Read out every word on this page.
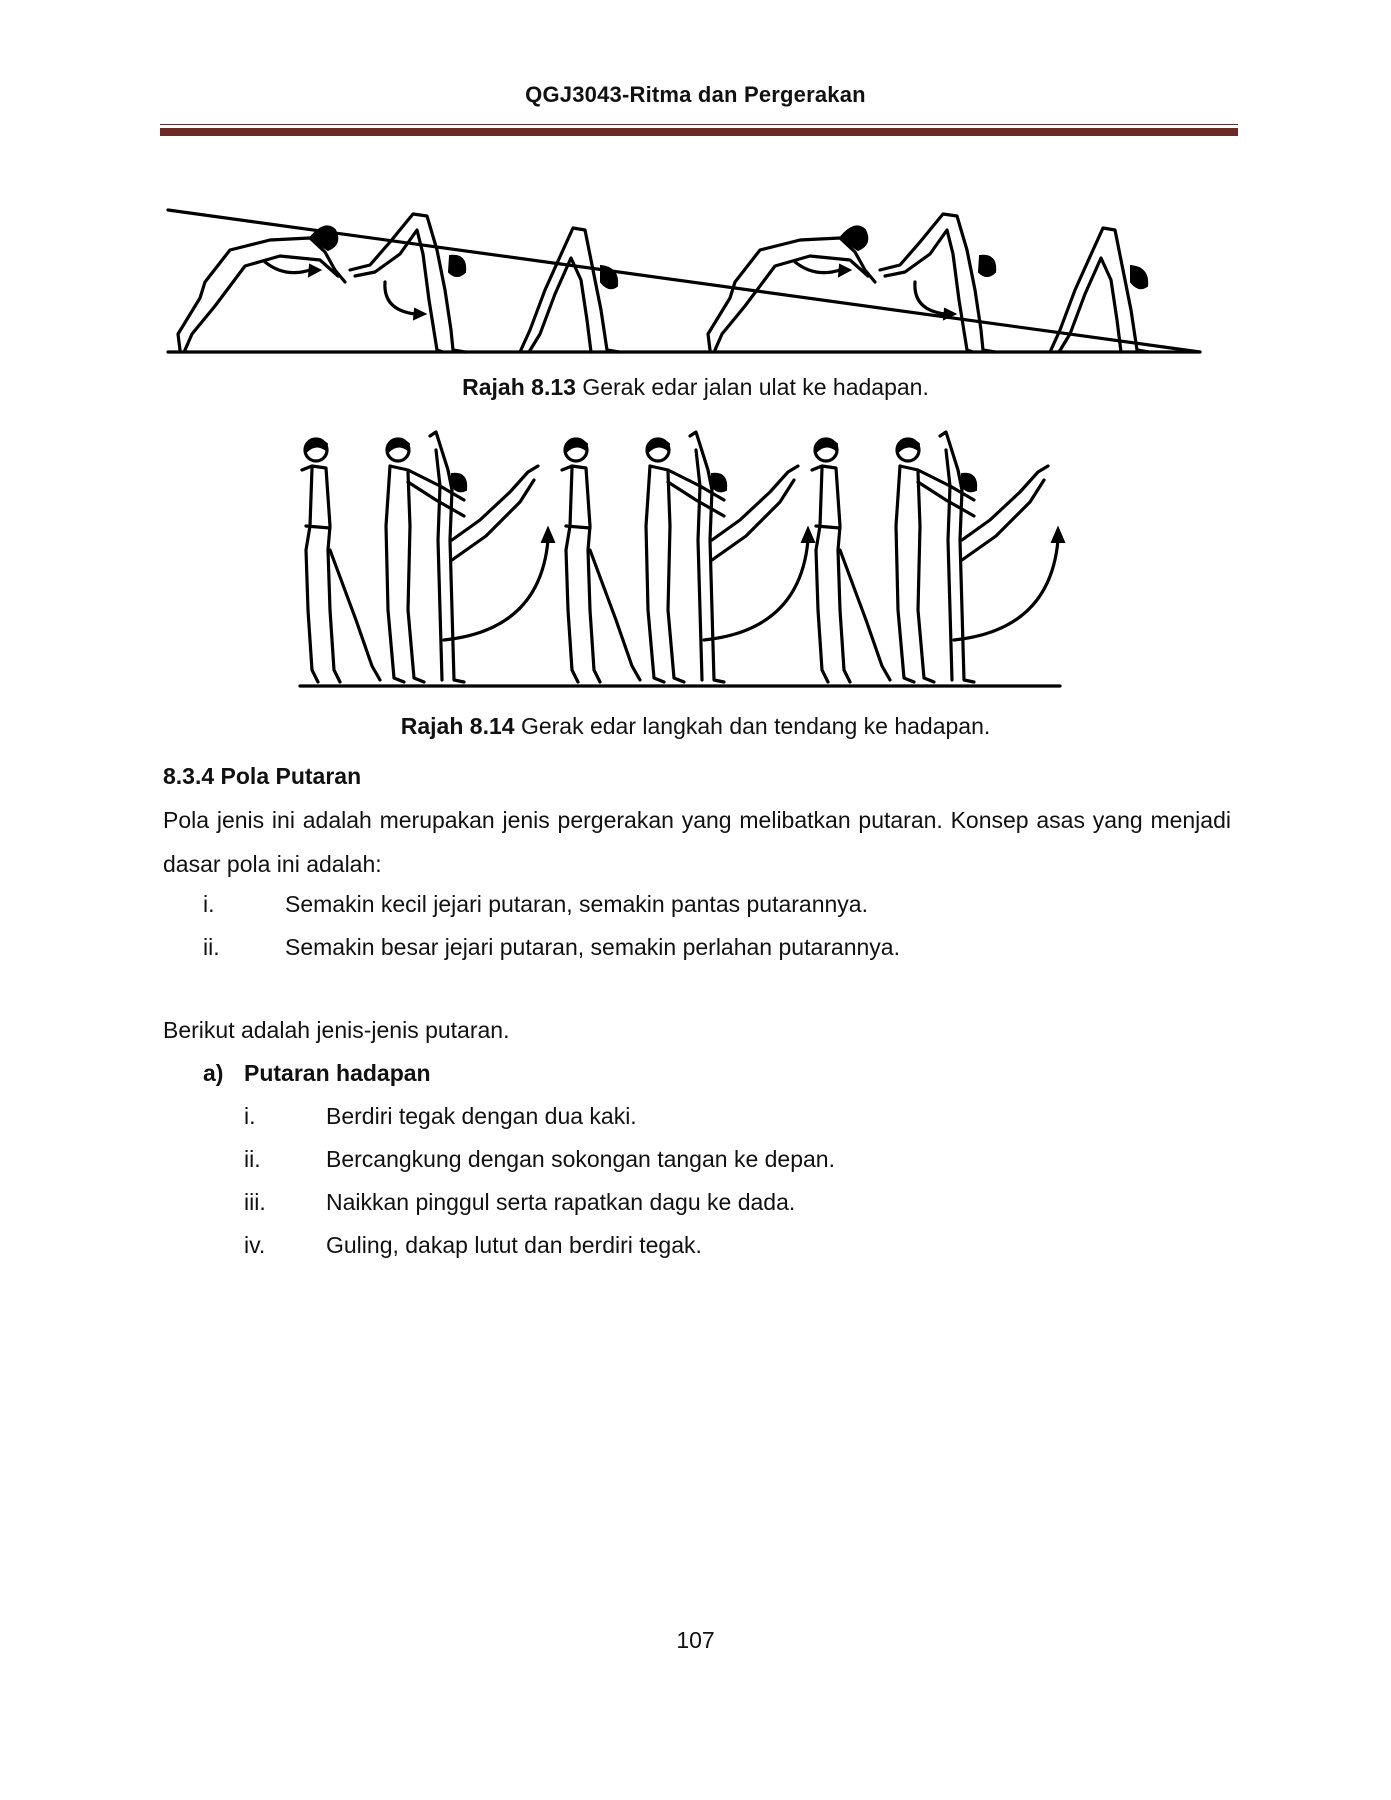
QGJ3043-Ritma dan Pergerakan
Rajah 8.13 Gerak edar jalan ulat ke hadapan.
Rajah 8.14 Gerak edar langkah dan tendang ke hadapan.
8.3.4 Pola Putaran
Pola jenis ini adalah merupakan jenis pergerakan yang melibatkan putaran. Konsep asas yang menjadi dasar pola ini adalah:
i.	Semakin kecil jejari putaran, semakin pantas putarannya.
ii.	Semakin besar jejari putaran, semakin perlahan putarannya.
Berikut adalah jenis-jenis putaran.
a) Putaran hadapan
i.	Berdiri tegak dengan dua kaki.
ii.	Bercangkung dengan sokongan tangan ke depan.
iii.	Naikkan pinggul serta rapatkan dagu ke dada.
iv.	Guling, dakap lutut dan berdiri tegak.
107
